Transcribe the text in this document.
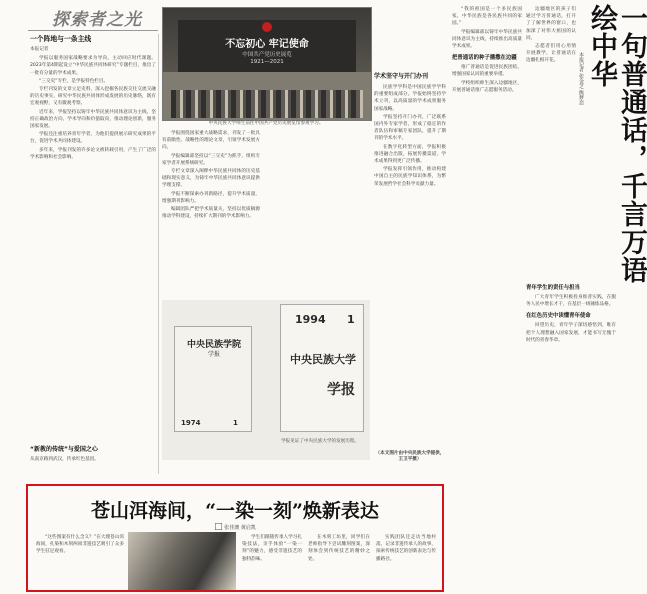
探索者之光
一个阵地与一条主线
本报记者

学报以服务国家战略要求为导向，主动回应时代课题。2023年第4期起设立“中华民族共同体研究”专题栏目，推出了一批有分量的学术成果。

“三交史”专栏，是学报特色栏目。

专栏刊发的文章立足史料，深入挖掘各民族交往交流交融的历史事实，研究中华民族共同体形成发展的历史脉络，既有宏观视野，又有微观考察。

近年来，学报坚持以铸牢中华民族共同体意识为主线，坚持正确政治方向、学术导向和价值取向，推动理论创新，服务国家发展。

学报还注重培养青年学者，为他们提供展示研究成果的平台，促进学术共同体建设。

多年来，学报刊发的许多论文被转载引用，产生了广泛的学术影响和社会影响。

“新教的传统”与爱国之心
从南京路到武汉，传承红色基因。
不忘初心 牢记使命
中国共产党历史展览
1921—2021
中央民族大学师生前往中国共产党历史展览馆参观学习。

学报围绕国家重大战略需求，刊发了一批具有前瞻性、战略性的理论文章，引领学术发展方向。

学报编辑部坚持以“三交史”为抓手，组织专家学者开展系统研究。

专栏文章深入阐释中华民族共同体的历史基础和现实意义，为铸牢中华民族共同体意识提供学理支撑。

学报不断探索办刊新路径，提升学术质量，增强期刊影响力。

编辑团队严把学术质量关，坚持以优质稿源推动学科建设，持续扩大期刊的学术影响力。

中央民族学院
学报
1974	1
1994 1
中央民族大学
学报
学报见证了中央民族大学的发展历程。
学术坚守与开门办刊

民族学学科是中国民族学学科的重要组成部分。学报始终坚持学术立刊，以高质量的学术成果服务国家战略。

学报坚持开门办刊，广泛联系国内外专家学者，形成了稳定的作者队伍和审稿专家团队，提升了期刊的学术水平。

在数字化转型方面，学报积极推进融合出版，拓展传播渠道，学术成果得到更广泛传播。

学报发挥引领作用，推动构建中国自主的民族学知识体系，为繁荣发展哲学社会科学贡献力量。

（本文图片由中央民族大学提供，王卫平摄）

“我的祖国是一个多民族国家，中华民族是各民族共同的家园。”

学报编辑部以铸牢中华民族共同体意识为主线，持续推出高质量学术成果。

把普通话的种子播撒在边疆

推广普通话是促进民族团结、增强国家认同的重要举措。

学校组织师生深入边疆地区，开展普通话推广志愿服务活动。	一句普通话，千言万语绘中华
本报记者 张金芝 熊梦恋

边疆地区的孩子们通过学习普通话，打开了了解世界的窗口，也加深了对伟大祖国的认同。

志愿者们用心用情开展教学，让普通话在边疆扎根开花。

青年学生的责任与担当

广大青年学生积极投身推普实践，在服务人民中增长才干，在基层一线锤炼品格。

在红色历史中读懂青年使命

回望历史，青年学子深切感悟到，唯有把个人理想融入国家发展，才能书写无愧于时代的青春华章。

苍山洱海间，“一染一刻”焕新表达
□ 张佳澳 黄启凯
“这些图案有什么含义？”在大理苍山洱海间，扎染和木刻两项非遗技艺吸引了众多学生驻足观看。
学生们跟随传承人学习扎染技法，亲手体验“一染一刻”的魅力，感受非遗技艺的独特韵味。
在木刻工坊里，同学们在老师指导下尝试雕刻图案，深刻体会到传统技艺的精妙之处。
实践团队还走访当地村落，记录非遗传承人的故事，探索传统技艺的创新表达与传播路径。
